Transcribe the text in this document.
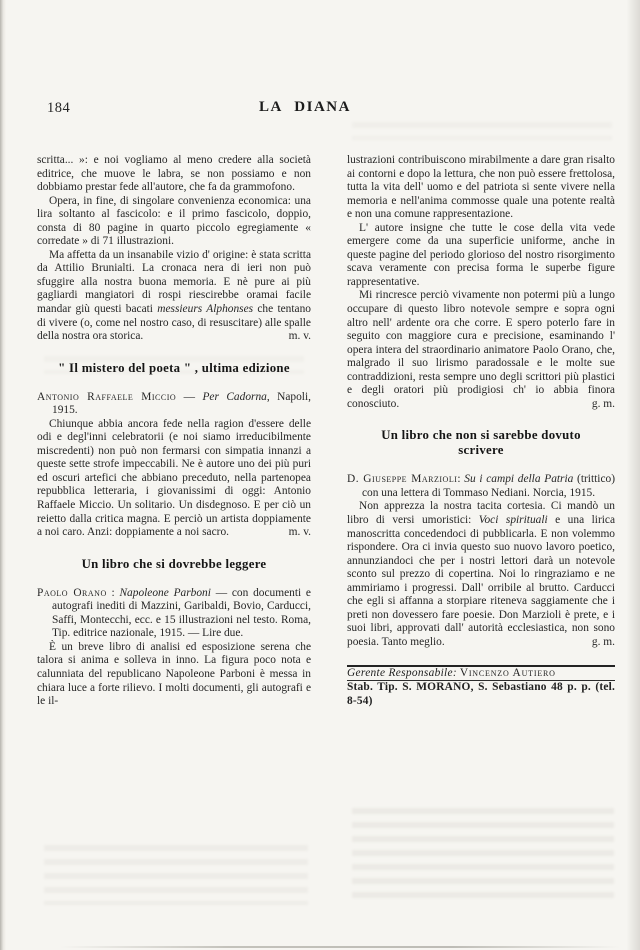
184	LA DIANA

scritta... »: e noi vogliamo al meno credere alla società editrice, che muove le labra, se non possiamo e non dobbiamo prestar fede all'autore, che fa da grammofono.

Opera, in fine, di singolare convenienza economica: una lira soltanto al fascicolo: e il primo fascicolo, doppio, consta di 80 pagine in quarto piccolo egregiamente « corredate » di 71 illustrazioni.

Ma affetta da un insanabile vizio d' origine: è stata scritta da Attilio Brunialti. La cronaca nera di ieri non può sfuggire alla nostra buona memoria. E nè pure ai più gagliardi mangiatori di rospi riescirebbe oramai facile mandar giù questi bacati messieurs Alphonses che tentano di vivere (o, come nel nostro caso, di resuscitare) alle spalle della nostra ora storica.	m. v.

" Il mistero del poeta " , ultima edizione

Antonio Raffaele Miccio — Per Cadorna, Napoli, 1915.

Chiunque abbia ancora fede nella ragion d'essere delle odi e degl'inni celebratorii (e noi siamo irreducibilmente miscredenti) non può non fermarsi con simpatia innanzi a queste sette strofe impeccabili. Ne è autore uno dei più puri ed oscuri artefici che abbiano preceduto, nella partenopea repubblica letteraria, i giovanissimi di oggi: Antonio Raffaele Miccio. Un solitario. Un disdegnoso. E per ciò un reietto dalla critica magna. E perciò un artista doppiamente a noi caro. Anzi: doppiamente a noi sacro.	m. v.

Un libro che si dovrebbe leggere

Paolo Orano : Napoleone Parboni — con documenti e autografi inediti di Mazzini, Garibaldi, Bovio, Carducci, Saffi, Montecchi, ecc. e 15 illustrazioni nel testo. Roma, Tip. editrice nazionale, 1915. — Lire due.

È un breve libro di analisi ed esposizione serena che talora si anima e solleva in inno. La figura poco nota e calunniata del republicano Napoleone Parboni è messa in chiara luce a forte rilievo. I molti documenti, gli autografi e le il-

lustrazioni contribuiscono mirabilmente a dare gran risalto ai contorni e dopo la lettura, che non può essere frettolosa, tutta la vita dell' uomo e del patriota si sente vivere nella memoria e nell'anima commosse quale una potente realtà e non una comune rappresentazione.

L' autore insigne che tutte le cose della vita vede emergere come da una superficie uniforme, anche in queste pagine del periodo glorioso del nostro risorgimento scava veramente con precisa forma le superbe figure rappresentative.

Mi rincresce perciò vivamente non potermi più a lungo occupare di questo libro notevole sempre e sopra ogni altro nell' ardente ora che corre. E spero poterlo fare in seguito con maggiore cura e precisione, esaminando l' opera intera del straordinario animatore Paolo Orano, che, malgrado il suo lirismo paradossale e le molte sue contraddizioni, resta sempre uno degli scrittori più plastici e degli oratori più prodigiosi ch' io abbia finora conosciuto.	g. m.

Un libro che non si sarebbe dovuto
scrivere

D. Giuseppe Marzioli: Su i campi della Patria (trittico) con una lettera di Tommaso Nediani. Norcia, 1915.

Non apprezza la nostra tacita cortesia. Ci mandò un libro di versi umoristici: Voci spirituali e una lirica manoscritta concedendoci di pubblicarla. E non volemmo rispondere. Ora ci invia questo suo nuovo lavoro poetico, annunziandoci che per i nostri lettori darà un notevole sconto sul prezzo di copertina. Noi lo ringraziamo e ne ammiriamo i progressi. Dall' orribile al brutto. Carducci che egli si affanna a storpiare riteneva saggiamente che i preti non dovessero fare poesie. Don Marzioli è prete, e i suoi libri, approvati dall' autorità ecclesiastica, non sono poesia. Tanto meglio.	g. m.

Gerente Responsabile: Vincenzo Autiero

Stab. Tip. S. MORANO, S. Sebastiano 48 p. p. (tel. 8-54)
